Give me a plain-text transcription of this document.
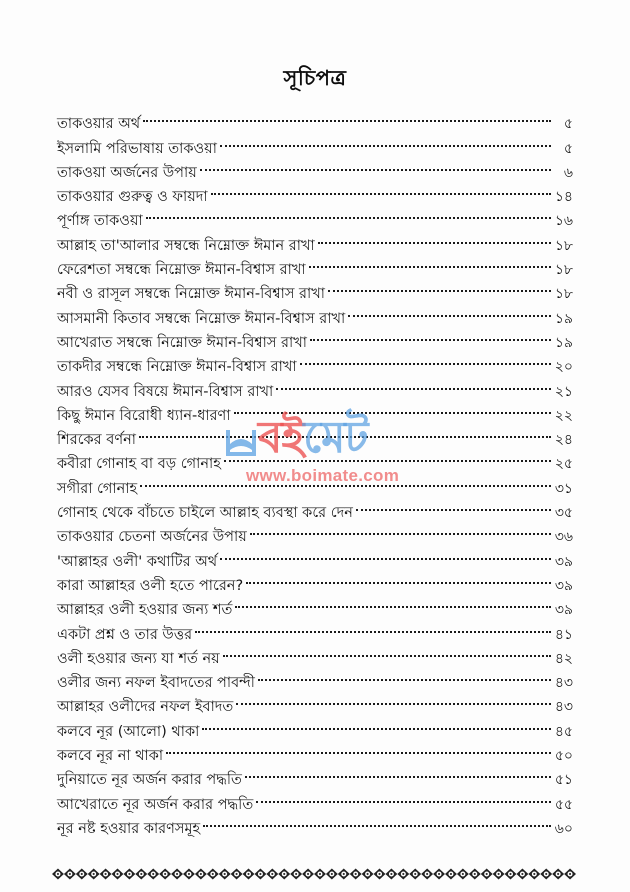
সূচিপত্র
তাকওয়ার অর্থ	৫
ইসলামি পরিভাষায় তাকওয়া	৫
তাকওয়া অর্জনের উপায়	৬
তাকওয়ার গুরুত্ব ও ফায়দা	১৪
পূর্ণাঙ্গ তাকওয়া	১৬
আল্লাহ তা'আলার সম্বন্ধে নিম্নোক্ত ঈমান রাখা	১৮
ফেরেশতা সম্বন্ধে নিম্নোক্ত ঈমান-বিশ্বাস রাখা	১৮
নবী ও রাসূল সম্বন্ধে নিম্নোক্ত ঈমান-বিশ্বাস রাখা	১৮
আসমানী কিতাব সম্বন্ধে নিম্নোক্ত ঈমান-বিশ্বাস রাখা	১৯
আখেরাত সম্বন্ধে নিম্নোক্ত ঈমান-বিশ্বাস রাখা	১৯
তাকদীর সম্বন্ধে নিম্নোক্ত ঈমান-বিশ্বাস রাখা	২০
আরও যেসব বিষয়ে ঈমান-বিশ্বাস রাখা	২১
কিছু ঈমান বিরোধী ধ্যান-ধারণা	২২
শিরকের বর্ণনা	২৪
কবীরা গোনাহ বা বড় গোনাহ	২৫
সগীরা গোনাহ	৩১
গোনাহ থেকে বাঁচতে চাইলে আল্লাহ ব্যবস্থা করে দেন	৩৫
তাকওয়ার চেতনা অর্জনের উপায়	৩৬
'আল্লাহর ওলী' কথাটির অর্থ	৩৯
কারা আল্লাহর ওলী হতে পারেন?	৩৯
আল্লাহর ওলী হওয়ার জন্য শর্ত	৩৯
একটা প্রশ্ন ও তার উত্তর	৪১
ওলী হওয়ার জন্য যা শর্ত নয়	৪২
ওলীর জন্য নফল ইবাদতের পাবন্দী	৪৩
আল্লাহর ওলীদের নফল ইবাদত	৪৩
কলবে নূর (আলো) থাকা	৪৫
কলবে নূর না থাকা	৫০
দুনিয়াতে নূর অর্জন করার পদ্ধতি	৫১
আখেরাতে নূর অর্জন করার পদ্ধতি	৫৫
নূর নষ্ট হওয়ার কারণসমূহ	৬০
বইমেট
www.boimate.com
